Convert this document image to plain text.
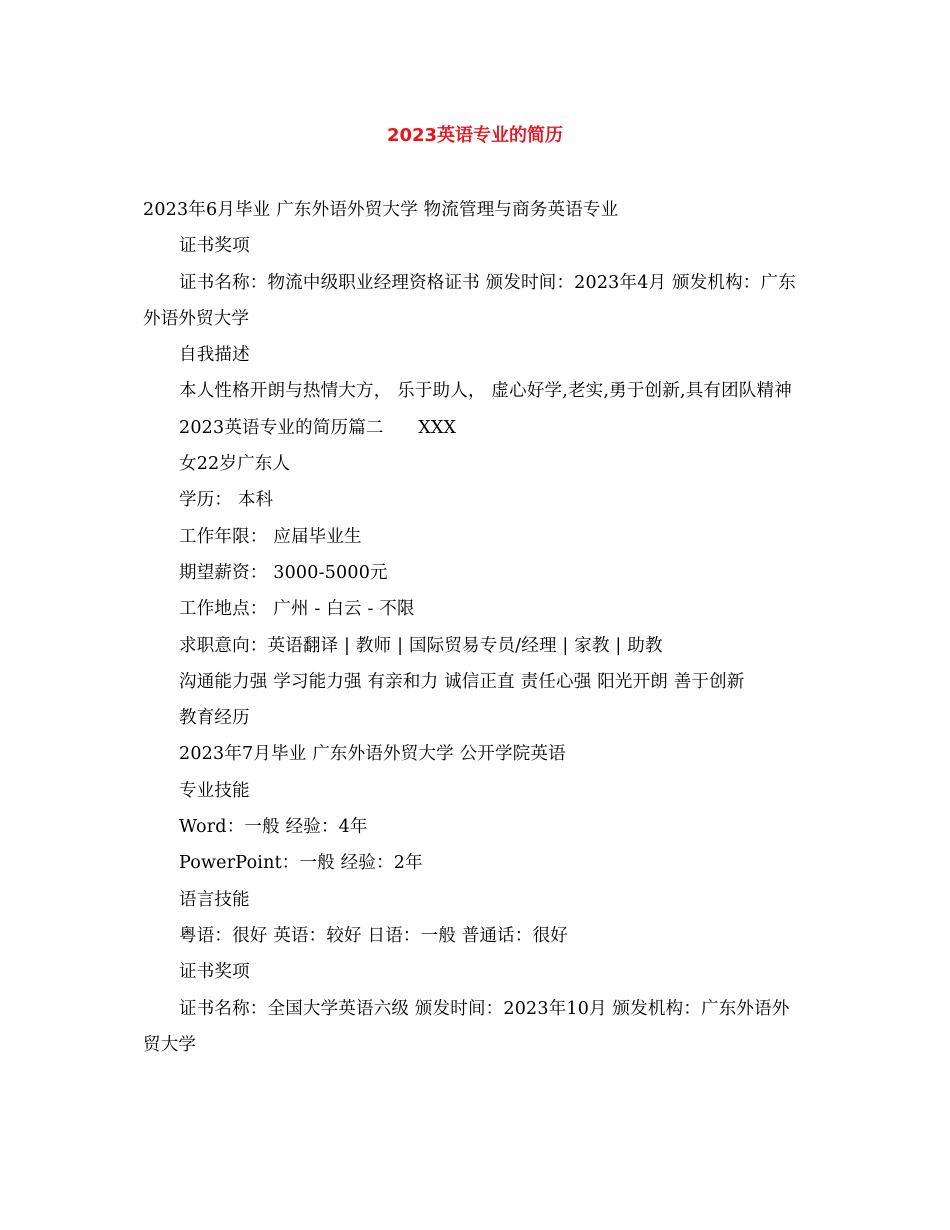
2023英语专业的简历

2023年6月毕业 广东外语外贸大学 物流管理与商务英语专业

证书奖项

证书名称：物流中级职业经理资格证书 颁发时间：2023年4月 颁发机构：广东外语外贸大学

自我描述

本人性格开朗与热情大方， 乐于助人， 虚心好学,老实,勇于创新,具有团队精神

2023英语专业的简历篇二      XXX

女22岁广东人

学历： 本科

工作年限： 应届毕业生

期望薪资： 3000-5000元

工作地点： 广州 - 白云 - 不限

求职意向：英语翻译 | 教师 | 国际贸易专员/经理 | 家教 | 助教

沟通能力强 学习能力强 有亲和力 诚信正直 责任心强 阳光开朗 善于创新

教育经历

2023年7月毕业 广东外语外贸大学 公开学院英语

专业技能

Word：一般 经验：4年

PowerPoint：一般 经验：2年

语言技能

粤语：很好 英语：较好 日语：一般 普通话：很好

证书奖项

证书名称：全国大学英语六级 颁发时间：2023年10月 颁发机构：广东外语外贸大学
